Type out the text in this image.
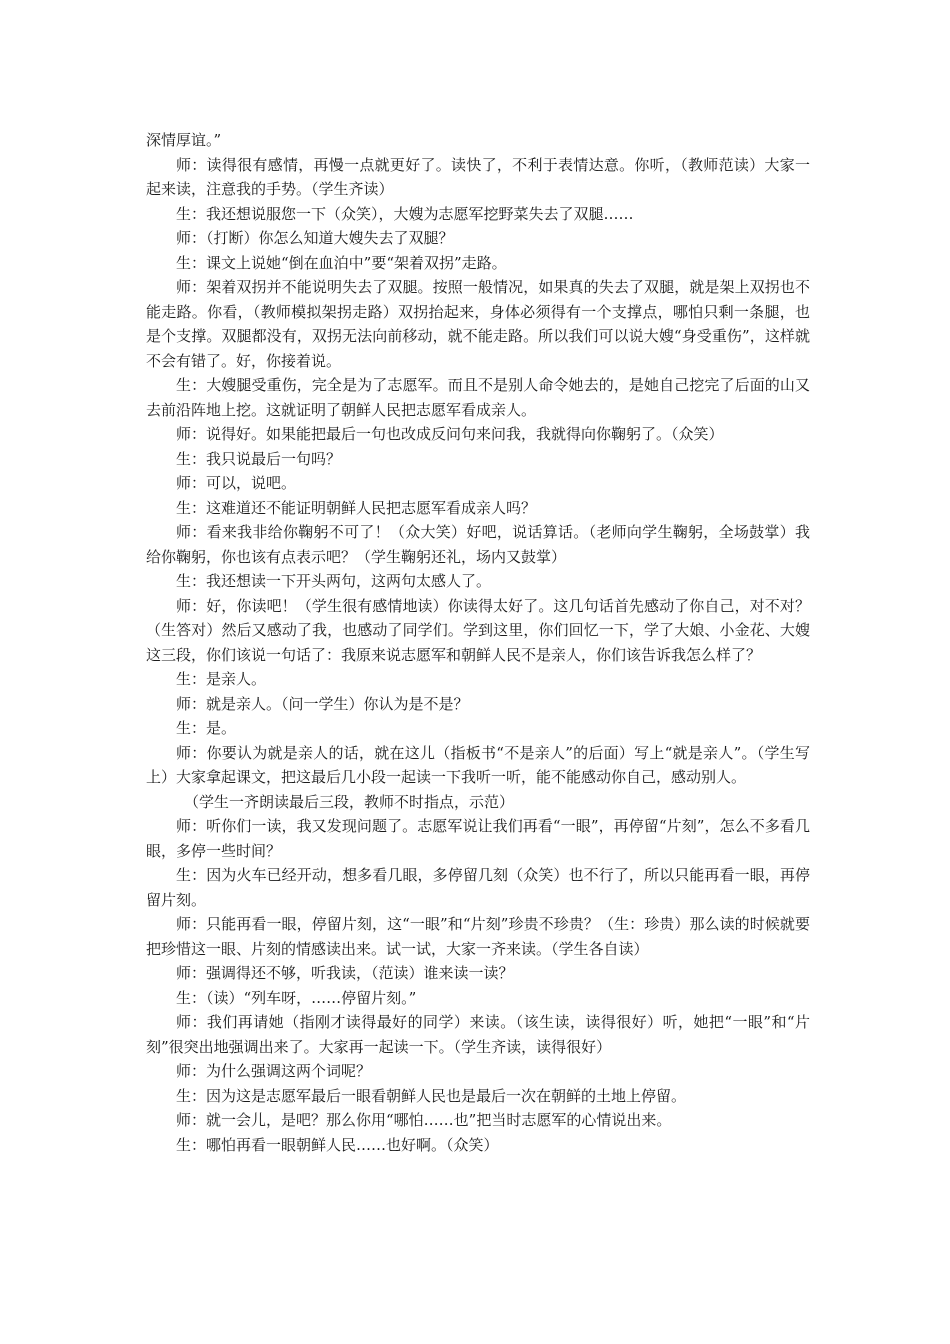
深情厚谊。”

师：读得很有感情，再慢一点就更好了。读快了，不利于表情达意。你听，（教师范读）大家一起来读，注意我的手势。（学生齐读）

生：我还想说服您一下（众笑），大嫂为志愿军挖野菜失去了双腿……

师：（打断）你怎么知道大嫂失去了双腿？

生：课文上说她“倒在血泊中”要“架着双拐”走路。

师：架着双拐并不能说明失去了双腿。按照一般情况，如果真的失去了双腿，就是架上双拐也不能走路。你看，（教师模拟架拐走路）双拐抬起来，身体必须得有一个支撑点，哪怕只剩一条腿，也是个支撑。双腿都没有，双拐无法向前移动，就不能走路。所以我们可以说大嫂“身受重伤”，这样就不会有错了。好，你接着说。

生：大嫂腿受重伤，完全是为了志愿军。而且不是别人命令她去的，是她自己挖完了后面的山又去前沿阵地上挖。这就证明了朝鲜人民把志愿军看成亲人。

师：说得好。如果能把最后一句也改成反问句来问我，我就得向你鞠躬了。（众笑）

生：我只说最后一句吗？

师：可以，说吧。

生：这难道还不能证明朝鲜人民把志愿军看成亲人吗？

师：看来我非给你鞠躬不可了！（众大笑）好吧，说话算话。（老师向学生鞠躬，全场鼓掌）我给你鞠躬，你也该有点表示吧？（学生鞠躬还礼，场内又鼓掌）

生：我还想读一下开头两句，这两句太感人了。

师：好，你读吧！（学生很有感情地读）你读得太好了。这几句话首先感动了你自己，对不对？（生答对）然后又感动了我，也感动了同学们。学到这里，你们回忆一下，学了大娘、小金花、大嫂这三段，你们该说一句话了：我原来说志愿军和朝鲜人民不是亲人，你们该告诉我怎么样了？

生：是亲人。

师：就是亲人。（问一学生）你认为是不是？

生：是。

师：你要认为就是亲人的话，就在这儿（指板书“不是亲人”的后面）写上“就是亲人”。（学生写上）大家拿起课文，把这最后几小段一起读一下我听一听，能不能感动你自己，感动别人。

（学生一齐朗读最后三段，教师不时指点，示范）

师：听你们一读，我又发现问题了。志愿军说让我们再看“一眼”，再停留“片刻”，怎么不多看几眼，多停一些时间？

生：因为火车已经开动，想多看几眼，多停留几刻（众笑）也不行了，所以只能再看一眼，再停留片刻。

师：只能再看一眼，停留片刻，这“一眼”和“片刻”珍贵不珍贵？（生：珍贵）那么读的时候就要把珍惜这一眼、片刻的情感读出来。试一试，大家一齐来读。（学生各自读）

师：强调得还不够，听我读，（范读）谁来读一读？

生：（读）“列车呀，……停留片刻。”

师：我们再请她（指刚才读得最好的同学）来读。（该生读，读得很好）听，她把“一眼”和“片刻”很突出地强调出来了。大家再一起读一下。（学生齐读，读得很好）

师：为什么强调这两个词呢？

生：因为这是志愿军最后一眼看朝鲜人民也是最后一次在朝鲜的土地上停留。

师：就一会儿，是吧？那么你用“哪怕……也”把当时志愿军的心情说出来。

生：哪怕再看一眼朝鲜人民……也好啊。（众笑）
